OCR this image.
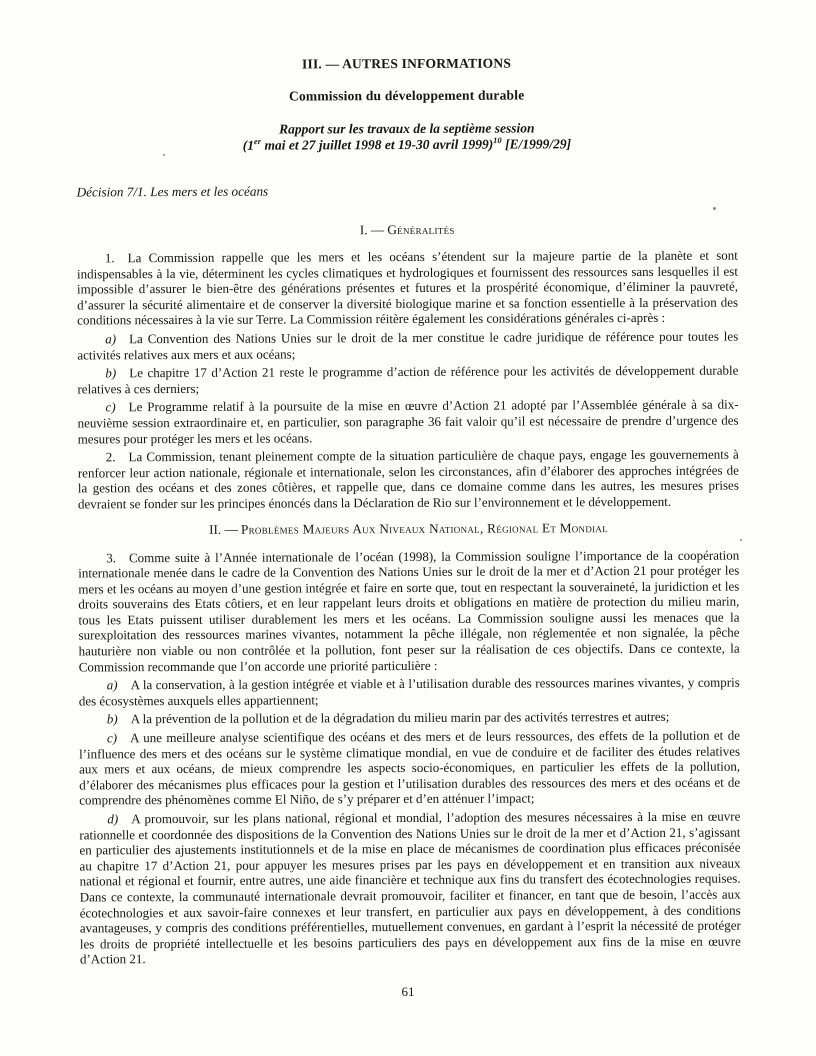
III. — AUTRES INFORMATIONS
Commission du développement durable
Rapport sur les travaux de la septième session
(1er mai et 27 juillet 1998 et 19-30 avril 1999)$^{10}$ [E/1999/29]
Décision 7/1. Les mers et les océans
I. — Généralités

1. La Commission rappelle que les mers et les océans s’étendent sur la majeure partie de la planète et sont indispensables à la vie, déterminent les cycles climatiques et hydrologiques et fournissent des ressources sans lesquelles il est impossible d’assurer le bien-être des générations présentes et futures et la prospérité économique, d’éliminer la pauvreté, d’assurer la sécurité alimentaire et de conserver la diversité biologique marine et sa fonction essentielle à la préservation des conditions nécessaires à la vie sur Terre. La Commission réitère également les considérations générales ci-après :

a) La Convention des Nations Unies sur le droit de la mer constitue le cadre juridique de référence pour toutes les activités relatives aux mers et aux océans;

b) Le chapitre 17 d’Action 21 reste le programme d’action de référence pour les activités de développement durable relatives à ces derniers;

c) Le Programme relatif à la poursuite de la mise en œuvre d’Action 21 adopté par l’Assemblée générale à sa dix-neuvième session extraordinaire et, en particulier, son paragraphe 36 fait valoir qu’il est nécessaire de prendre d’urgence des mesures pour protéger les mers et les océans.

2. La Commission, tenant pleinement compte de la situation particulière de chaque pays, engage les gouvernements à renforcer leur action nationale, régionale et internationale, selon les circonstances, afin d’élaborer des approches intégrées de la gestion des océans et des zones côtières, et rappelle que, dans ce domaine comme dans les autres, les mesures prises devraient se fonder sur les principes énoncés dans la Déclaration de Rio sur l’environnement et le développement.

II. — Problèmes Majeurs Aux Niveaux National, Régional Et Mondial

3. Comme suite à l’Année internationale de l’océan (1998), la Commission souligne l’importance de la coopération internationale menée dans le cadre de la Convention des Nations Unies sur le droit de la mer et d’Action 21 pour protéger les mers et les océans au moyen d’une gestion intégrée et faire en sorte que, tout en respectant la souveraineté, la juridiction et les droits souverains des Etats côtiers, et en leur rappelant leurs droits et obligations en matière de protection du milieu marin, tous les Etats puissent utiliser durablement les mers et les océans. La Commission souligne aussi les menaces que la surexploitation des ressources marines vivantes, notamment la pêche illégale, non réglementée et non signalée, la pêche hauturière non viable ou non contrôlée et la pollution, font peser sur la réalisation de ces objectifs. Dans ce contexte, la Commission recommande que l’on accorde une priorité particulière :

a) A la conservation, à la gestion intégrée et viable et à l’utilisation durable des ressources marines vivantes, y compris des écosystèmes auxquels elles appartiennent;

b) A la prévention de la pollution et de la dégradation du milieu marin par des activités terrestres et autres;

c) A une meilleure analyse scientifique des océans et des mers et de leurs ressources, des effets de la pollution et de l’influence des mers et des océans sur le système climatique mondial, en vue de conduire et de faciliter des études relatives aux mers et aux océans, de mieux comprendre les aspects socio-économiques, en particulier les effets de la pollution, d’élaborer des mécanismes plus efficaces pour la gestion et l’utilisation durables des ressources des mers et des océans et de comprendre des phénomènes comme El Niño, de s’y préparer et d’en atténuer l’impact;

d) A promouvoir, sur les plans national, régional et mondial, l’adoption des mesures nécessaires à la mise en œuvre rationnelle et coordonnée des dispositions de la Convention des Nations Unies sur le droit de la mer et d’Action 21, s’agissant en particulier des ajustements institutionnels et de la mise en place de mécanismes de coordination plus efficaces préconisée au chapitre 17 d’Action 21, pour appuyer les mesures prises par les pays en développement et en transition aux niveaux national et régional et fournir, entre autres, une aide financière et technique aux fins du transfert des écotechnologies requises. Dans ce contexte, la communauté internationale devrait promouvoir, faciliter et financer, en tant que de besoin, l’accès aux écotechnologies et aux savoir-faire connexes et leur transfert, en particulier aux pays en développement, à des conditions avantageuses, y compris des conditions préférentielles, mutuellement convenues, en gardant à l’esprit la nécessité de protéger les droits de propriété intellectuelle et les besoins particuliers des pays en développement aux fins de la mise en œuvre d’Action 21.

61
